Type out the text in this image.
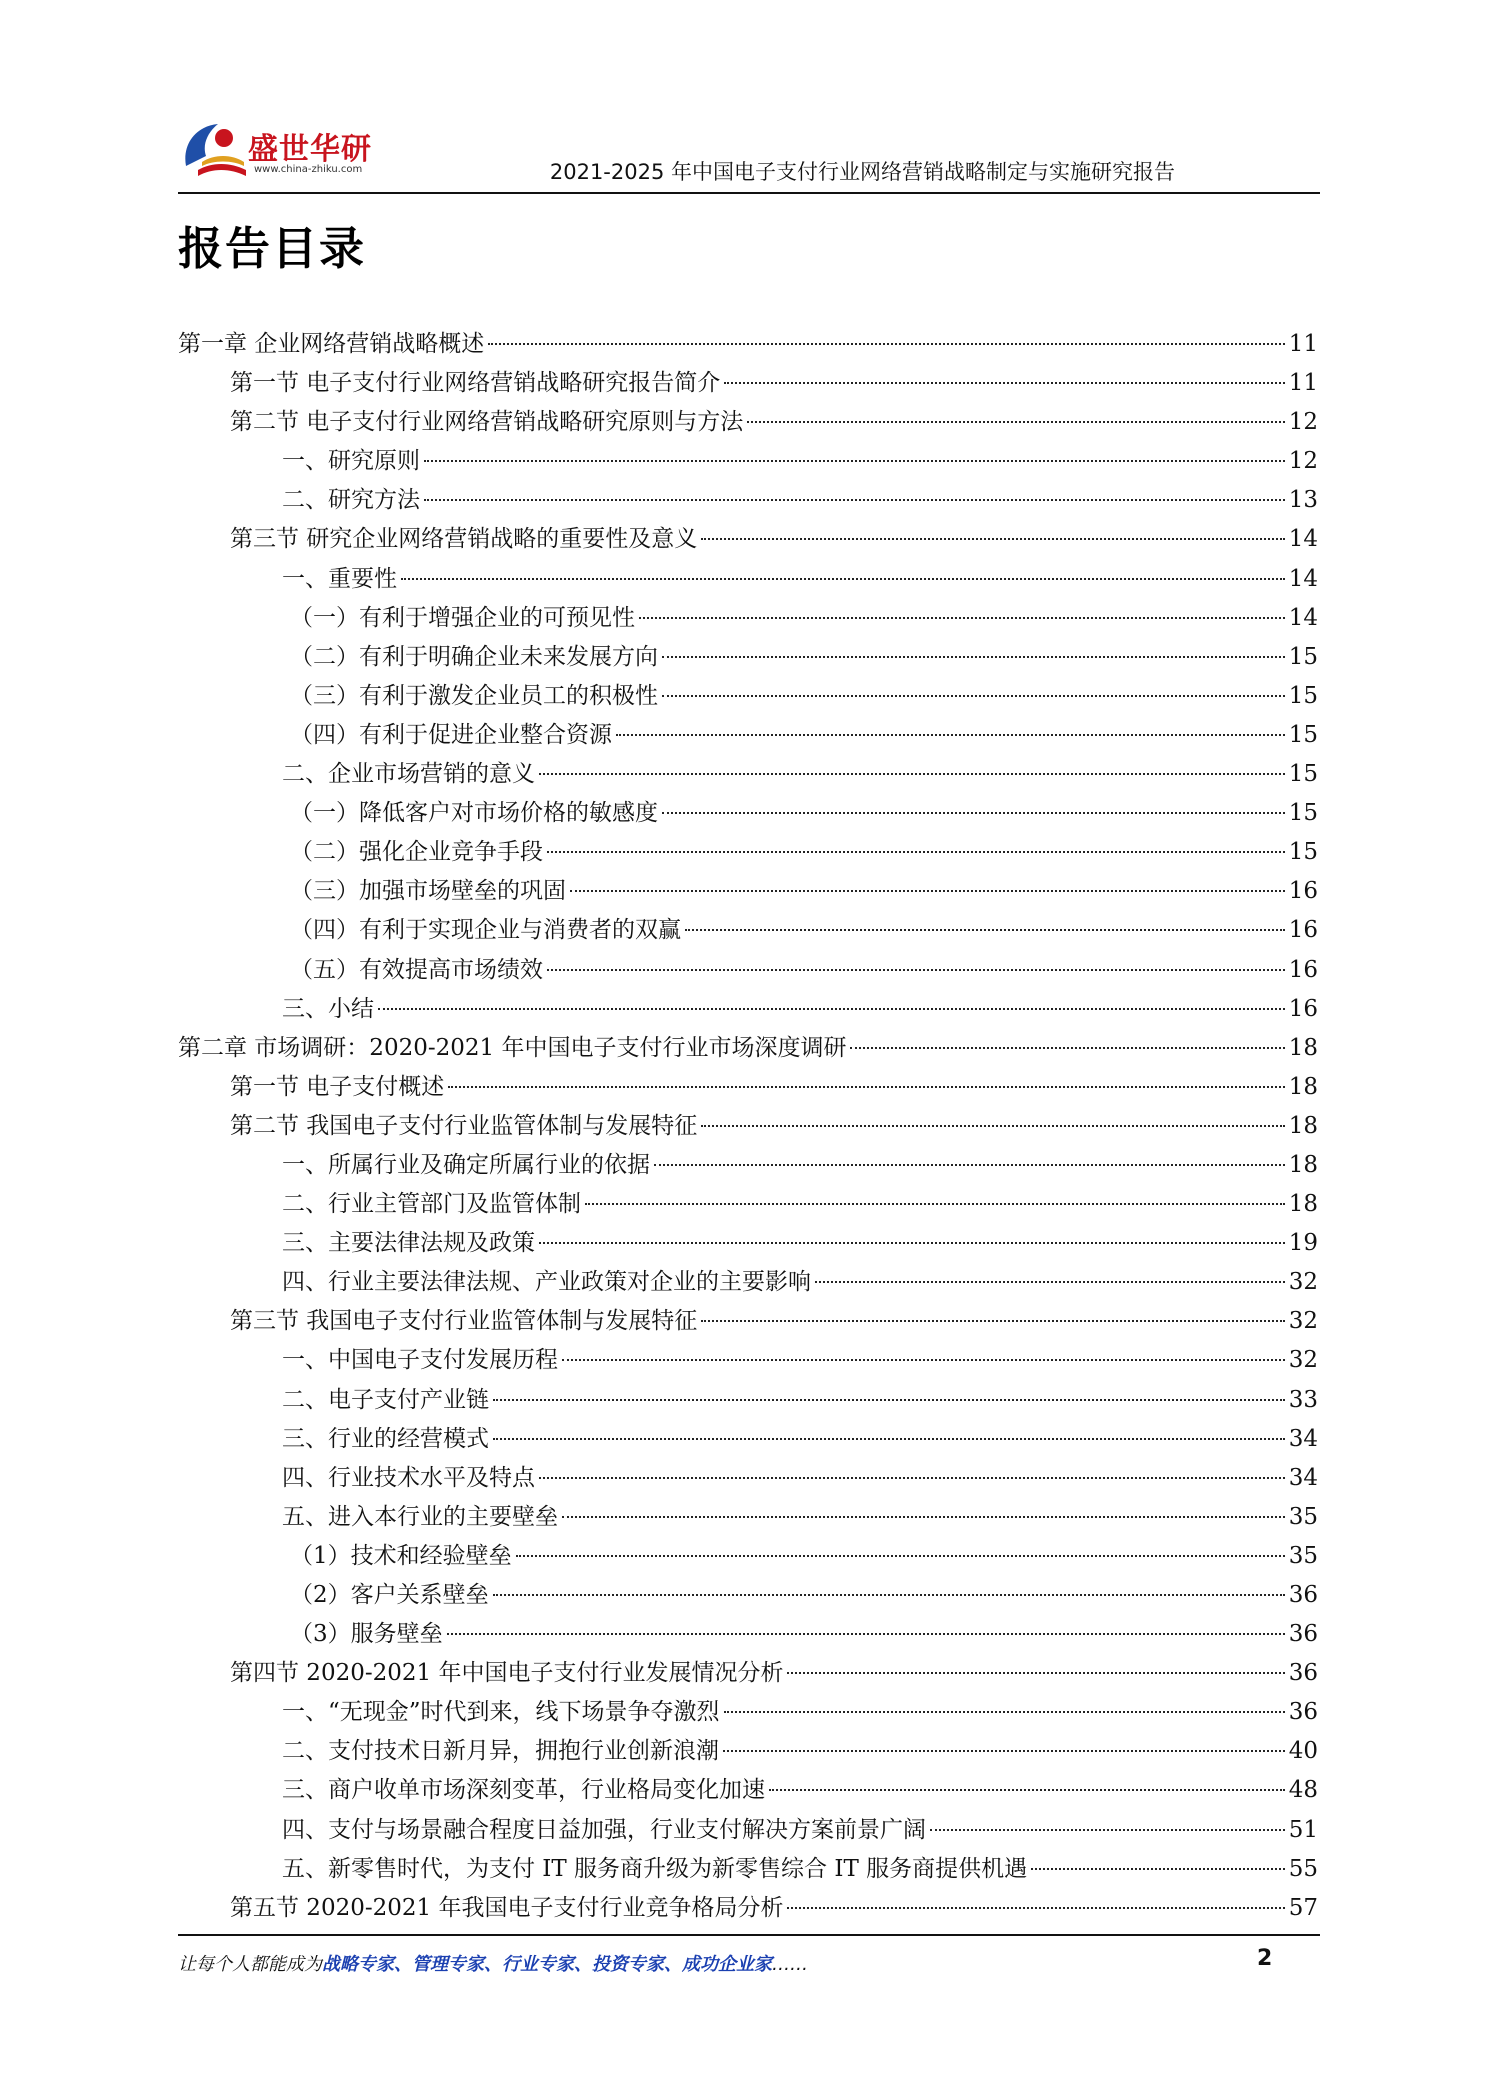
盛世华研
www.china-zhiku.com	2021-2025 年中国电子支付行业网络营销战略制定与实施研究报告
报告目录
第一章 企业网络营销战略概述	11
第一节 电子支付行业网络营销战略研究报告简介	11
第二节 电子支付行业网络营销战略研究原则与方法	12
一、研究原则	12
二、研究方法	13
第三节 研究企业网络营销战略的重要性及意义	14
一、重要性	14
（一）有利于增强企业的可预见性	14
（二）有利于明确企业未来发展方向	15
（三）有利于激发企业员工的积极性	15
（四）有利于促进企业整合资源	15
二、企业市场营销的意义	15
（一）降低客户对市场价格的敏感度	15
（二）强化企业竞争手段	15
（三）加强市场壁垒的巩固	16
（四）有利于实现企业与消费者的双赢	16
（五）有效提高市场绩效	16
三、小结	16
第二章 市场调研：2020-2021 年中国电子支付行业市场深度调研	18
第一节 电子支付概述	18
第二节 我国电子支付行业监管体制与发展特征	18
一、所属行业及确定所属行业的依据	18
二、行业主管部门及监管体制	18
三、主要法律法规及政策	19
四、行业主要法律法规、产业政策对企业的主要影响	32
第三节 我国电子支付行业监管体制与发展特征	32
一、中国电子支付发展历程	32
二、电子支付产业链	33
三、行业的经营模式	34
四、行业技术水平及特点	34
五、进入本行业的主要壁垒	35
（1）技术和经验壁垒	35
（2）客户关系壁垒	36
（3）服务壁垒	36
第四节 2020-2021 年中国电子支付行业发展情况分析	36
一、“无现金”时代到来，线下场景争夺激烈	36
二、支付技术日新月异，拥抱行业创新浪潮	40
三、商户收单市场深刻变革，行业格局变化加速	48
四、支付与场景融合程度日益加强，行业支付解决方案前景广阔	51
五、新零售时代，为支付 IT 服务商升级为新零售综合 IT 服务商提供机遇	55
第五节 2020-2021 年我国电子支付行业竞争格局分析	57
让每个人都能成为战略专家、管理专家、行业专家、投资专家、成功企业家……	2
